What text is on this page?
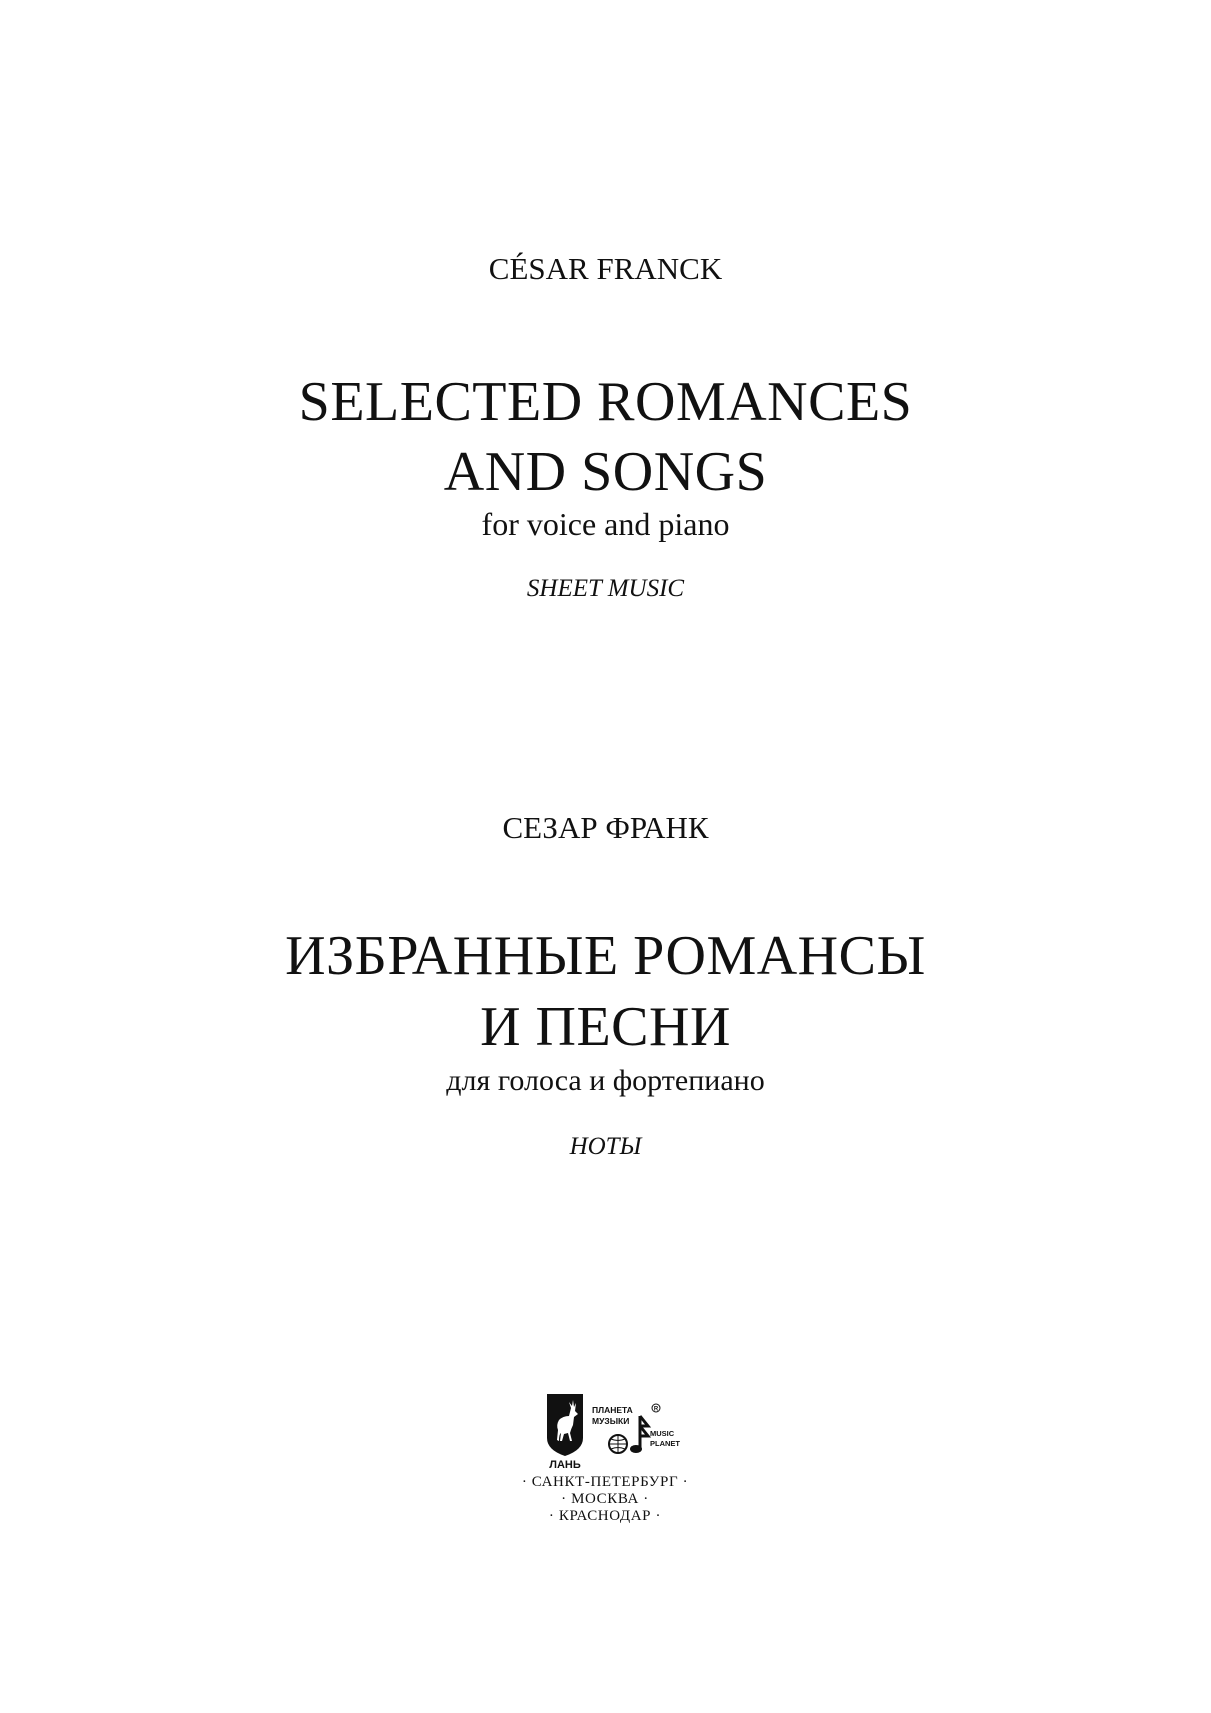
CÉSAR FRANCK
SELECTED ROMANCES
AND SONGS
for voice and piano
SHEET MUSIC
СЕЗАР ФРАНК
ИЗБРАННЫЕ РОМАНСЫ
И ПЕСНИ
для голоса и фортепиано
НОТЫ
ЛАНЬ
ПЛАНЕТА
МУЗЫКИ
R
MUSIC
PLANET
· САНКТ-ПЕТЕРБУРГ ·
· МОСКВА ·
· КРАСНОДАР ·
